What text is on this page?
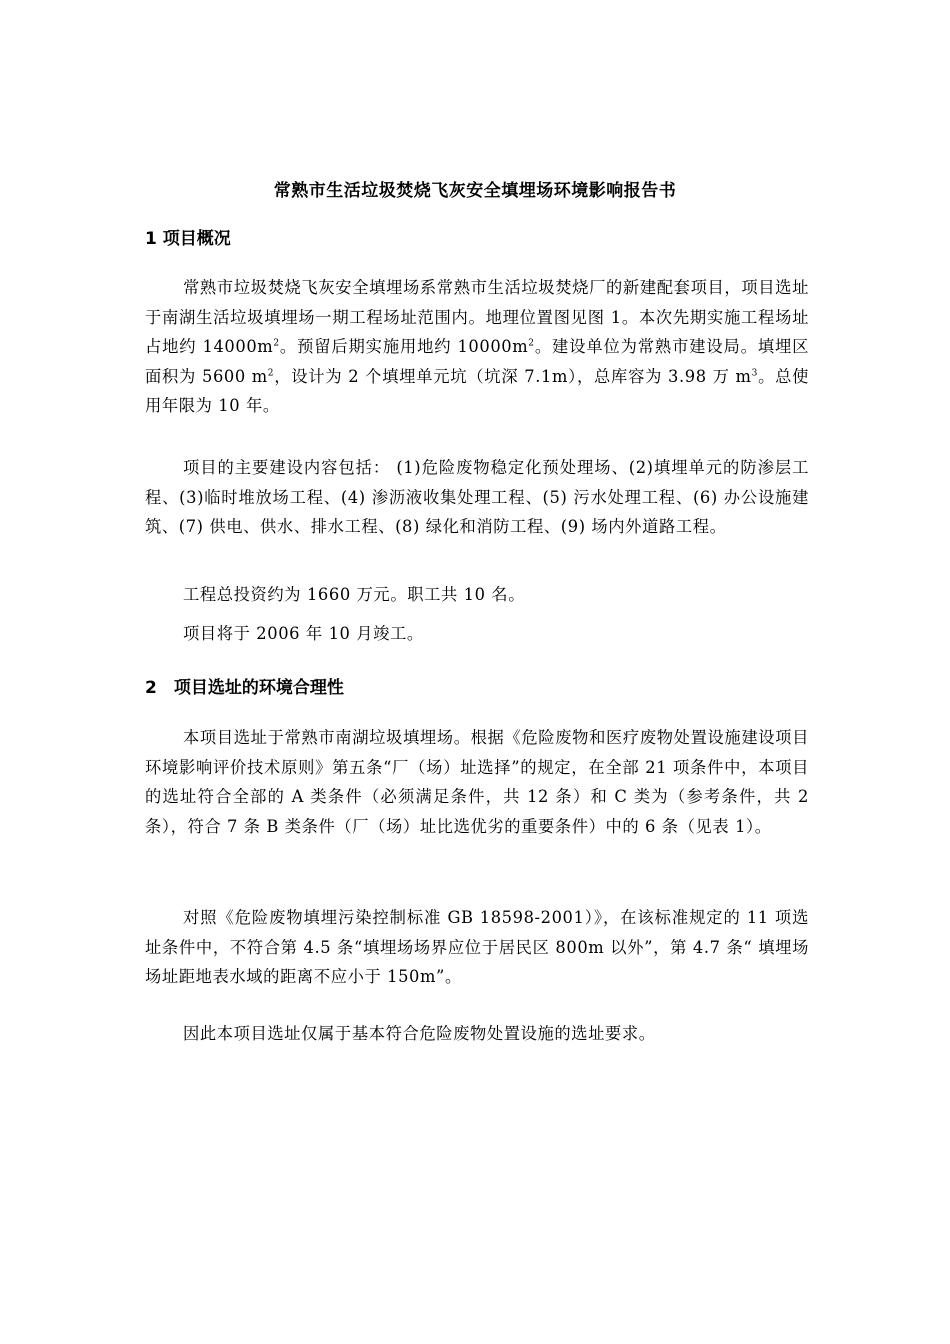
常熟市生活垃圾焚烧飞灰安全填埋场环境影响报告书
1 项目概况

常熟市垃圾焚烧飞灰安全填埋场系常熟市生活垃圾焚烧厂的新建配套项目，项目选址于南湖生活垃圾填埋场一期工程场址范围内。地理位置图见图 1。本次先期实施工程场址占地约 $14000m^2$。预留后期实施用地约 $10000m^2$。建设单位为常熟市建设局。填埋区面积为 5600 $m^2$，设计为 2 个填埋单元坑（坑深 7.1m），总库容为 3.98 万 $m^3$。总使用年限为 10 年。

项目的主要建设内容包括： (1)危险废物稳定化预处理场、(2)填埋单元的防渗层工程、(3)临时堆放场工程、(4) 渗沥液收集处理工程、(5) 污水处理工程、(6) 办公设施建筑、(7) 供电、供水、排水工程、(8) 绿化和消防工程、(9) 场内外道路工程。

工程总投资约为 1660 万元。职工共 10 名。

项目将于 2006 年 10 月竣工。

2　项目选址的环境合理性

本项目选址于常熟市南湖垃圾填埋场。根据《危险废物和医疗废物处置设施建设项目环境影响评价技术原则》第五条“厂（场）址选择”的规定，在全部 21 项条件中，本项目的选址符合全部的 A 类条件（必须满足条件，共 12 条）和 C 类为（参考条件，共 2 条），符合 7 条 B 类条件（厂（场）址比选优劣的重要条件）中的 6 条（见表 1）。

对照《危险废物填埋污染控制标准 GB 18598-2001）》，在该标准规定的 11 项选址条件中，不符合第 4.5 条“填埋场场界应位于居民区 800m 以外”，第 4.7 条“ 填埋场场址距地表水域的距离不应小于 150m”。

因此本项目选址仅属于基本符合危险废物处置设施的选址要求。
